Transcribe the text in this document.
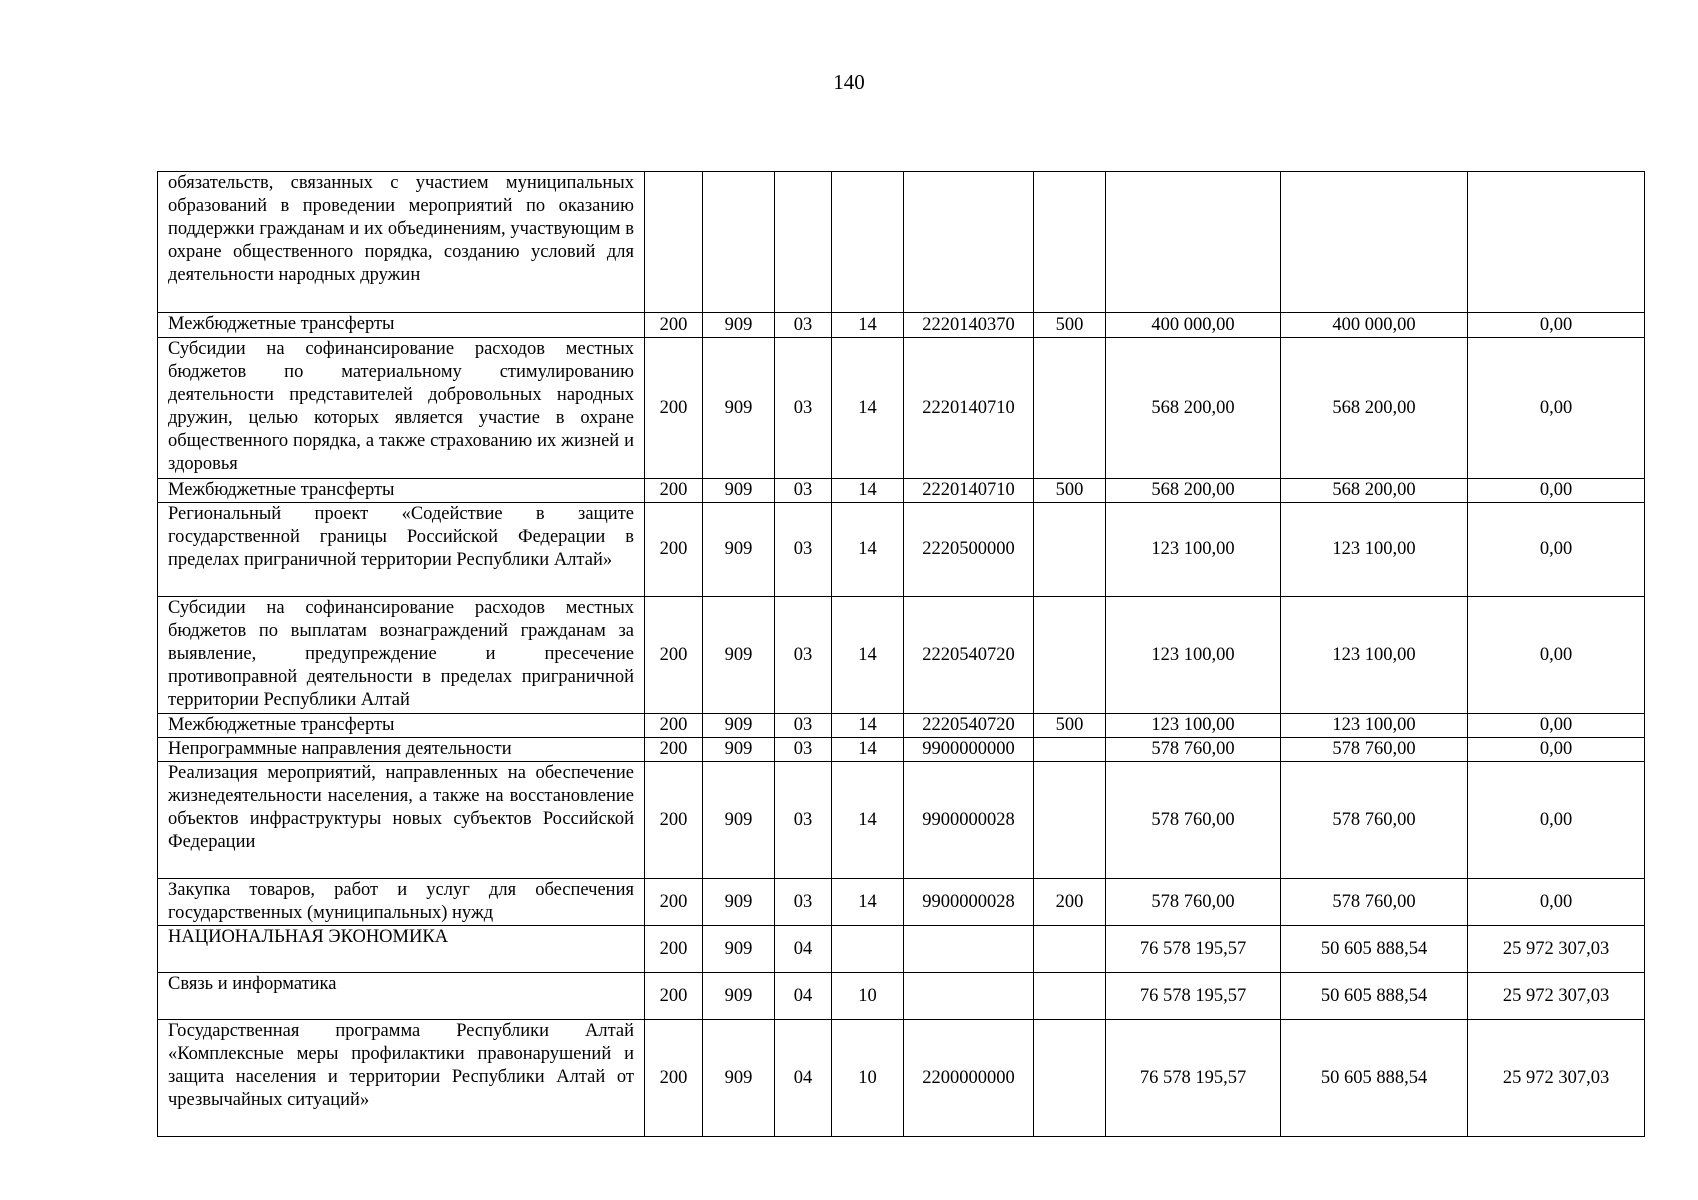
140
обязательств, связанных с участием муниципальных образований в проведении мероприятий по оказанию поддержки гражданам и их объединениям, участвующим в охране общественного порядка, созданию условий для деятельности народных дружин									
Межбюджетные трансферты	200	909	03	14	2220140370	500	400 000,00	400 000,00	0,00
Субсидии на софинансирование расходов местных бюджетов по материальному стимулированию деятельности представителей добровольных народных дружин, целью которых является участие в охране общественного порядка, а также страхованию их жизней и здоровья	200	909	03	14	2220140710		568 200,00	568 200,00	0,00
Межбюджетные трансферты	200	909	03	14	2220140710	500	568 200,00	568 200,00	0,00
Региональный проект «Содействие в защите государственной границы Российской Федерации в пределах приграничной территории Республики Алтай»	200	909	03	14	2220500000		123 100,00	123 100,00	0,00
Субсидии на софинансирование расходов местных бюджетов по выплатам вознаграждений гражданам за выявление, предупреждение и пресечение противоправной деятельности в пределах приграничной территории Республики Алтай	200	909	03	14	2220540720		123 100,00	123 100,00	0,00
Межбюджетные трансферты	200	909	03	14	2220540720	500	123 100,00	123 100,00	0,00
Непрограммные направления деятельности	200	909	03	14	9900000000		578 760,00	578 760,00	0,00
Реализация мероприятий, направленных на обеспечение жизнедеятельности населения, а также на восстановление объектов инфраструктуры новых субъектов Российской Федерации	200	909	03	14	9900000028		578 760,00	578 760,00	0,00
Закупка товаров, работ и услуг для обеспечения государственных (муниципальных) нужд	200	909	03	14	9900000028	200	578 760,00	578 760,00	0,00
НАЦИОНАЛЬНАЯ ЭКОНОМИКА	200	909	04				76 578 195,57	50 605 888,54	25 972 307,03
Связь и информатика	200	909	04	10			76 578 195,57	50 605 888,54	25 972 307,03
Государственная программа Республики Алтай «Комплексные меры профилактики правонарушений и защита населения и территории Республики Алтай от чрезвычайных ситуаций»	200	909	04	10	2200000000		76 578 195,57	50 605 888,54	25 972 307,03
